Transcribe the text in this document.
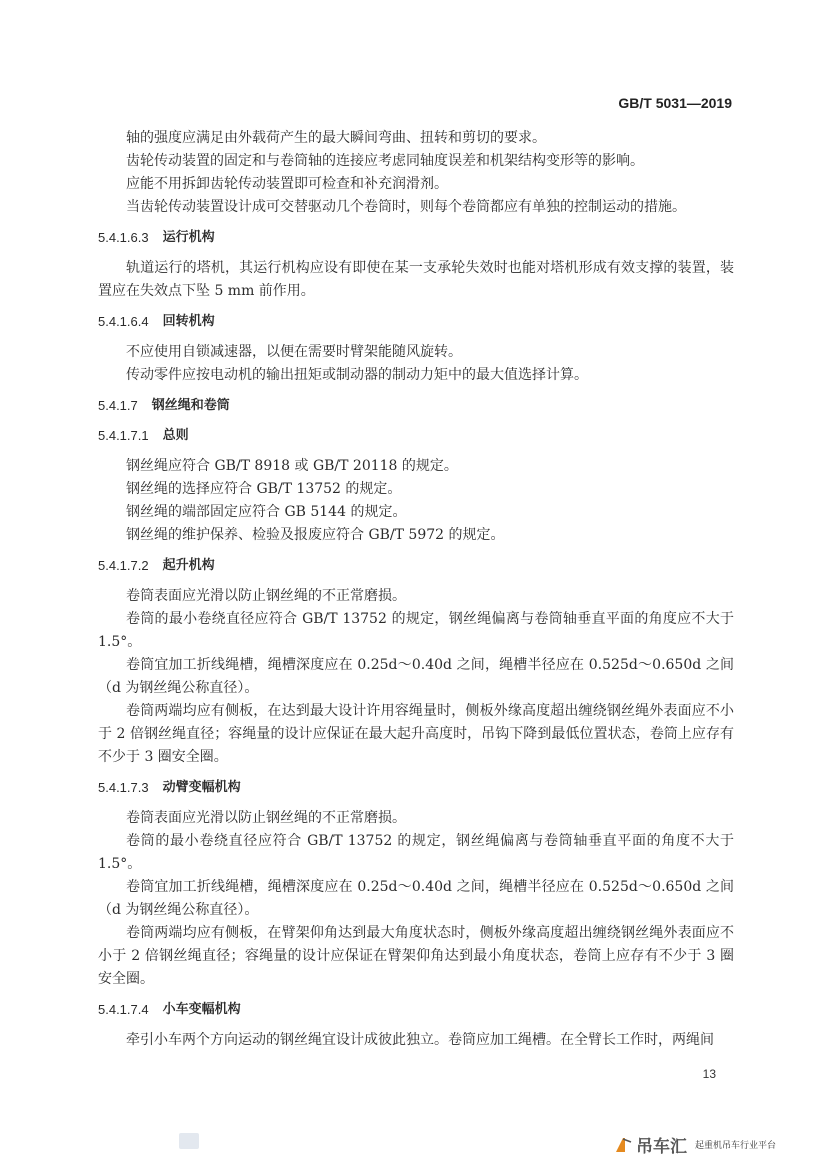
GB/T 5031—2019

轴的强度应满足由外载荷产生的最大瞬间弯曲、扭转和剪切的要求。

齿轮传动装置的固定和与卷筒轴的连接应考虑同轴度误差和机架结构变形等的影响。

应能不用拆卸齿轮传动装置即可检查和补充润滑剂。

当齿轮传动装置设计成可交替驱动几个卷筒时，则每个卷筒都应有单独的控制运动的措施。

5.4.1.6.3 运行机构

轨道运行的塔机，其运行机构应设有即使在某一支承轮失效时也能对塔机形成有效支撑的装置，装置应在失效点下坠 5 mm 前作用。

5.4.1.6.4 回转机构

不应使用自锁减速器，以便在需要时臂架能随风旋转。

传动零件应按电动机的输出扭矩或制动器的制动力矩中的最大值选择计算。

5.4.1.7 钢丝绳和卷筒
5.4.1.7.1 总则

钢丝绳应符合 GB/T 8918 或 GB/T 20118 的规定。

钢丝绳的选择应符合 GB/T 13752 的规定。

钢丝绳的端部固定应符合 GB 5144 的规定。

钢丝绳的维护保养、检验及报废应符合 GB/T 5972 的规定。

5.4.1.7.2 起升机构

卷筒表面应光滑以防止钢丝绳的不正常磨损。

卷筒的最小卷绕直径应符合 GB/T 13752 的规定，钢丝绳偏离与卷筒轴垂直平面的角度应不大于 1.5°。

卷筒宜加工折线绳槽，绳槽深度应在 0.25d～0.40d 之间，绳槽半径应在 0.525d～0.650d 之间（d 为钢丝绳公称直径）。

卷筒两端均应有侧板，在达到最大设计许用容绳量时，侧板外缘高度超出缠绕钢丝绳外表面应不小于 2 倍钢丝绳直径；容绳量的设计应保证在最大起升高度时，吊钩下降到最低位置状态，卷筒上应存有不少于 3 圈安全圈。

5.4.1.7.3 动臂变幅机构

卷筒表面应光滑以防止钢丝绳的不正常磨损。

卷筒的最小卷绕直径应符合 GB/T 13752 的规定，钢丝绳偏离与卷筒轴垂直平面的角度不大于 1.5°。

卷筒宜加工折线绳槽，绳槽深度应在 0.25d～0.40d 之间，绳槽半径应在 0.525d～0.650d 之间（d 为钢丝绳公称直径）。

卷筒两端均应有侧板，在臂架仰角达到最大角度状态时，侧板外缘高度超出缠绕钢丝绳外表面应不小于 2 倍钢丝绳直径；容绳量的设计应保证在臂架仰角达到最小角度状态，卷筒上应存有不少于 3 圈安全圈。

5.4.1.7.4 小车变幅机构

牵引小车两个方向运动的钢丝绳宜设计成彼此独立。卷筒应加工绳槽。在全臂长工作时，两绳间

13
吊车汇 起重机吊车行业平台
